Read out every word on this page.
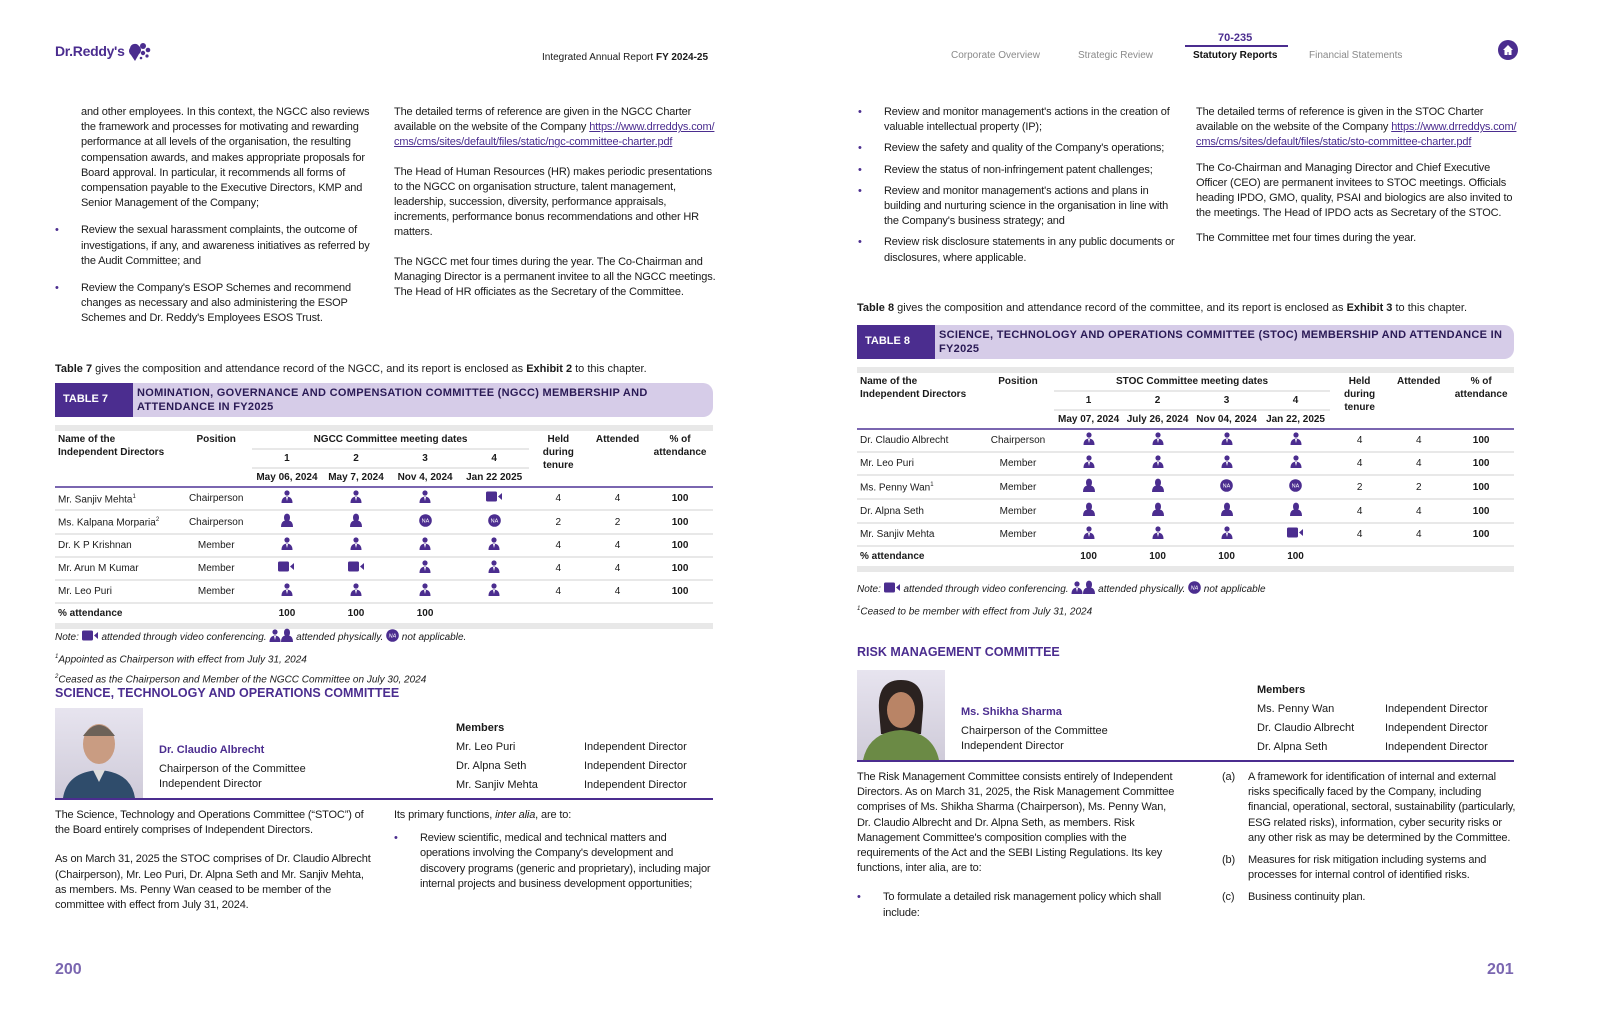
Dr.Reddy's	Integrated Annual Report FY 2024-25	Corporate Overview	Strategic Review
70-235
Statutory Reports	Financial Statements

and other employees. In this context, the NGCC also reviews the framework and processes for motivating and rewarding performance at all levels of the organisation, the resulting compensation awards, and makes appropriate proposals for Board approval. In particular, it recommends all forms of compensation payable to the Executive Directors, KMP and Senior Management of the Company;

• Review the sexual harassment complaints, the outcome of investigations, if any, and awareness initiatives as referred by the Audit Committee; and
• Review the Company's ESOP Schemes and recommend changes as necessary and also administering the ESOP Schemes and Dr. Reddy's Employees ESOS Trust.

The detailed terms of reference are given in the NGCC Charter available on the website of the Company https://www.drreddys.com/cms/cms/sites/default/files/static/ngc-committee-charter.pdf

The Head of Human Resources (HR) makes periodic presentations to the NGCC on organisation structure, talent management, leadership, succession, diversity, performance appraisals, increments, performance bonus recommendations and other HR matters.

The NGCC met four times during the year. The Co-Chairman and Managing Director is a permanent invitee to all the NGCC meetings. The Head of HR officiates as the Secretary of the Committee.

Table 7 gives the composition and attendance record of the NGCC, and its report is enclosed as Exhibit 2 to this chapter.
TABLE 7
NOMINATION, GOVERNANCE AND COMPENSATION COMMITTEE (NGCC) MEMBERSHIP AND ATTENDANCE IN FY2025
Name of the Independent Directors	Position	NGCC Committee meeting dates				Held during tenure	Attended	% of attendance
		1	2	3	4			
		May 06, 2024	May 7, 2024	Nov 4, 2024	Jan 22 2025			
Mr. Sanjiv Mehta$^1$	Chairperson					4	4	100
Ms. Kalpana Morparia$^2$	Chairperson			NA	NA	2	2	100
Dr. K P Krishnan	Member					4	4	100
Mr. Arun M Kumar	Member					4	4	100
Mr. Leo Puri	Member					4	4	100
% attendance		100	100	100				
Note:  attended through video conferencing.  attended physically. NA not applicable.
$^1$Appointed as Chairperson with effect from July 31, 2024
$^2$Ceased as the Chairperson and Member of the NGCC Committee on July 30, 2024
SCIENCE, TECHNOLOGY AND OPERATIONS COMMITTEE
Dr. Claudio Albrecht
Chairperson of the Committee
Independent Director
Members
Mr. Leo Puri	Independent Director
Dr. Alpna Seth	Independent Director
Mr. Sanjiv Mehta	Independent Director

The Science, Technology and Operations Committee (“STOC”) of the Board entirely comprises of Independent Directors.

As on March 31, 2025 the STOC comprises of Dr. Claudio Albrecht (Chairperson), Mr. Leo Puri, Dr. Alpna Seth and Mr. Sanjiv Mehta, as members. Ms. Penny Wan ceased to be member of the committee with effect from July 31, 2024.

Its primary functions, inter alia, are to:

• Review scientific, medical and technical matters and operations involving the Company's development and discovery programs (generic and proprietary), including major internal projects and business development opportunities;
200
• Review and monitor management's actions in the creation of valuable intellectual property (IP);
• Review the safety and quality of the Company's operations;
• Review the status of non-infringement patent challenges;
• Review and monitor management's actions and plans in building and nurturing science in the organisation in line with the Company's business strategy; and
• Review risk disclosure statements in any public documents or disclosures, where applicable.

The detailed terms of reference is given in the STOC Charter available on the website of the Company https://www.drreddys.com/cms/cms/sites/default/files/static/sto-committee-charter.pdf

The Co-Chairman and Managing Director and Chief Executive Officer (CEO) are permanent invitees to STOC meetings. Officials heading IPDO, GMO, quality, PSAI and biologics are also invited to the meetings. The Head of IPDO acts as Secretary of the STOC.

The Committee met four times during the year.

Table 8 gives the composition and attendance record of the committee, and its report is enclosed as Exhibit 3 to this chapter.
TABLE 8
SCIENCE, TECHNOLOGY AND OPERATIONS COMMITTEE (STOC) MEMBERSHIP AND ATTENDANCE IN FY2025
Name of the Independent Directors	Position	STOC Committee meeting dates				Held during tenure	Attended	% of attendance
		1	2	3	4			
		May 07, 2024	July 26, 2024	Nov 04, 2024	Jan 22, 2025			
Dr. Claudio Albrecht	Chairperson					4	4	100
Mr. Leo Puri	Member					4	4	100
Ms. Penny Wan$^1$	Member			NA	NA	2	2	100
Dr. Alpna Seth	Member					4	4	100
Mr. Sanjiv Mehta	Member					4	4	100
% attendance		100	100	100	100			
Note:  attended through video conferencing.  attended physically. NA not applicable
$^1$Ceased to be member with effect from July 31, 2024
RISK MANAGEMENT COMMITTEE
Ms. Shikha Sharma
Chairperson of the Committee
Independent Director
Members
Ms. Penny Wan	Independent Director
Dr. Claudio Albrecht	Independent Director
Dr. Alpna Seth	Independent Director

The Risk Management Committee consists entirely of Independent Directors. As on March 31, 2025, the Risk Management Committee comprises of Ms. Shikha Sharma (Chairperson), Ms. Penny Wan, Dr. Claudio Albrecht and Dr. Alpna Seth, as members. Risk Management Committee's composition complies with the requirements of the Act and the SEBI Listing Regulations. Its key functions, inter alia, are to:

• To formulate a detailed risk management policy which shall include:
(a)	A framework for identification of internal and external risks specifically faced by the Company, including financial, operational, sectoral, sustainability (particularly, ESG related risks), information, cyber security risks or any other risk as may be determined by the Committee.
(b)	Measures for risk mitigation including systems and processes for internal control of identified risks.
(c)	Business continuity plan.
201
